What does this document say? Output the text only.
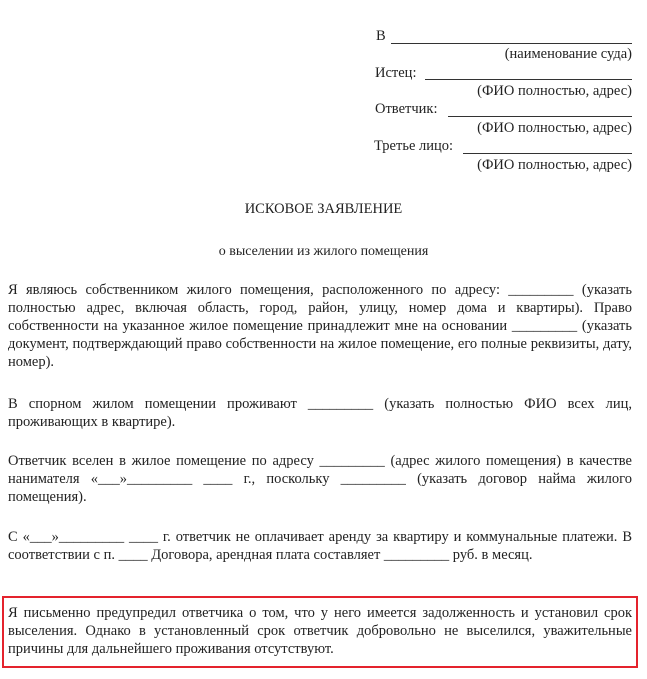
В
(наименование суда)
Истец:
(ФИО полностью, адрес)
Ответчик:
(ФИО полностью, адрес)
Третье лицо:
(ФИО полностью, адрес)
ИСКОВОЕ ЗАЯВЛЕНИЕ
о выселении из жилого помещения
Я являюсь собственником жилого помещения, расположенного по адресу: _________ (указать полностью адрес, включая область, город, район, улицу, номер дома и квартиры). Право собственности на указанное жилое помещение принадлежит мне на основании _________ (указать документ, подтверждающий право собственности на жилое помещение, его полные реквизиты, дату, номер).
В спорном жилом помещении проживают _________ (указать полностью ФИО всех лиц, проживающих в квартире).
Ответчик вселен в жилое помещение по адресу _________ (адрес жилого помещения) в качестве нанимателя «___»_________ ____ г., поскольку _________ (указать договор найма жилого помещения).
С «___»_________ ____ г. ответчик не оплачивает аренду за квартиру и коммунальные платежи. В соответствии с п. ____ Договора, арендная плата составляет _________ руб. в месяц.
Я письменно предупредил ответчика о том, что у него имеется задолженность и установил срок выселения. Однако в установленный срок ответчик добровольно не выселился, уважительные причины для дальнейшего проживания отсутствуют.
